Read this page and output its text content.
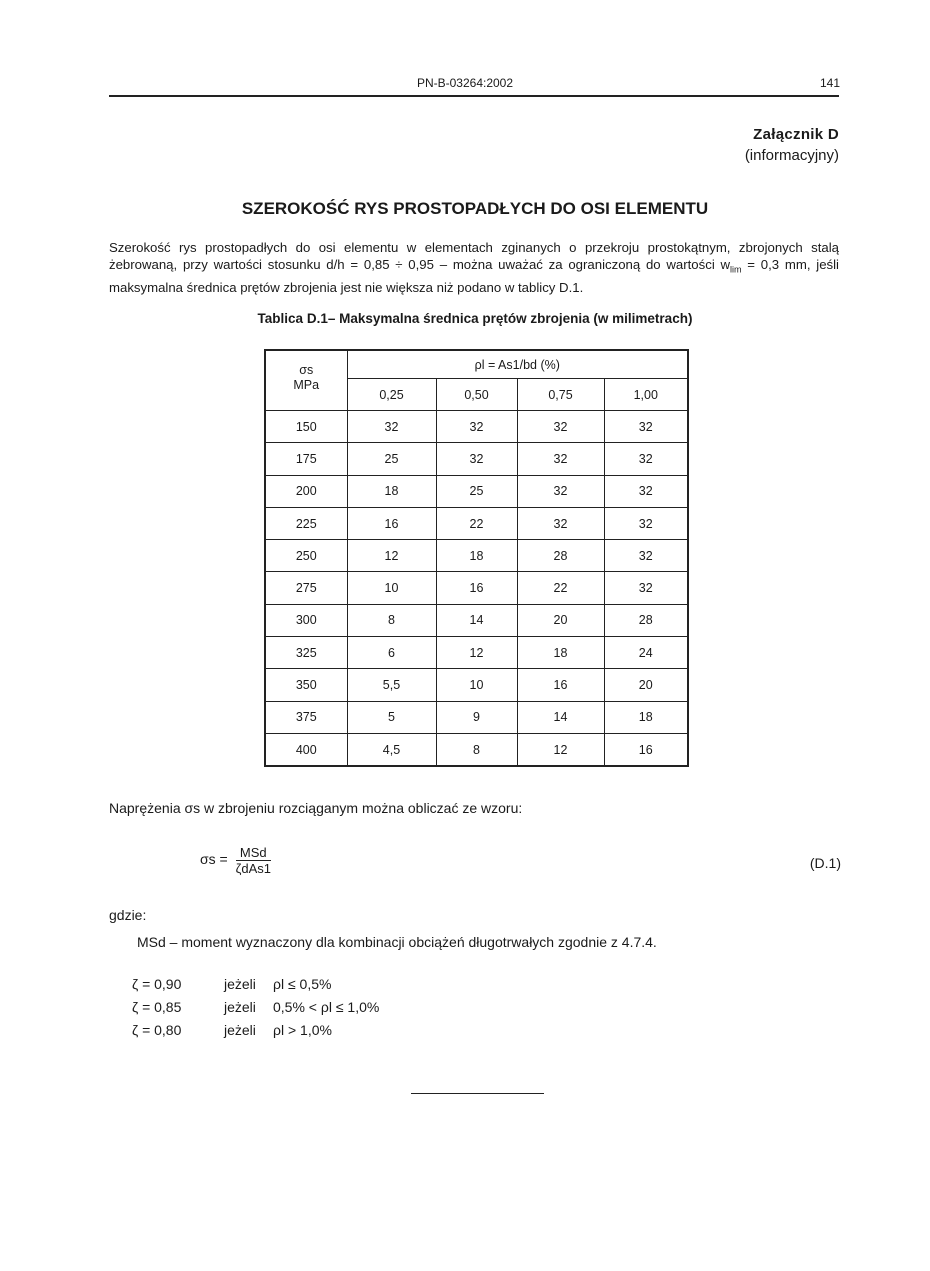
PN-B-03264:2002	141
Załącznik D
(informacyjny)
SZEROKOŚĆ RYS PROSTOPADŁYCH DO OSI ELEMENTU
Szerokość rys prostopadłych do osi elementu w elementach zginanych o przekroju prostokątnym, zbrojonych stalą żebrowaną, przy wartości stosunku d/h = 0,85 ÷ 0,95 – można uważać za ograniczoną do wartości $w_{lim} = 0,3$ mm, jeśli maksymalna średnica prętów zbrojenia jest nie większa niż podano w tablicy D.1.
Tablica D.1– Maksymalna średnica prętów zbrojenia (w milimetrach)
σs
MPa	ρl = As1/bd (%)			
	0,25	0,50	0,75	1,00
150	32	32	32	32
175	25	32	32	32
200	18	25	32	32
225	16	22	32	32
250	12	18	28	32
275	10	16	22	32
300	8	14	20	28
325	6	12	18	24
350	5,5	10	16	20
375	5	9	14	18
400	4,5	8	12	16
Naprężenia σs w zbrojeniu rozciąganym można obliczać ze wzoru:
$\sigma s = \frac{\text{MSd}}{\text{ζdAs1}}$	(D.1)
gdzie:
MSd – moment wyznaczony dla kombinacji obciążeń długotrwałych zgodnie z 4.7.4.
ζ = 0,90	jeżeli ρl ≤ 0,5%
ζ = 0,85	jeżeli 0,5% < ρl ≤ 1,0%
ζ = 0,80	jeżeli ρl > 1,0%
